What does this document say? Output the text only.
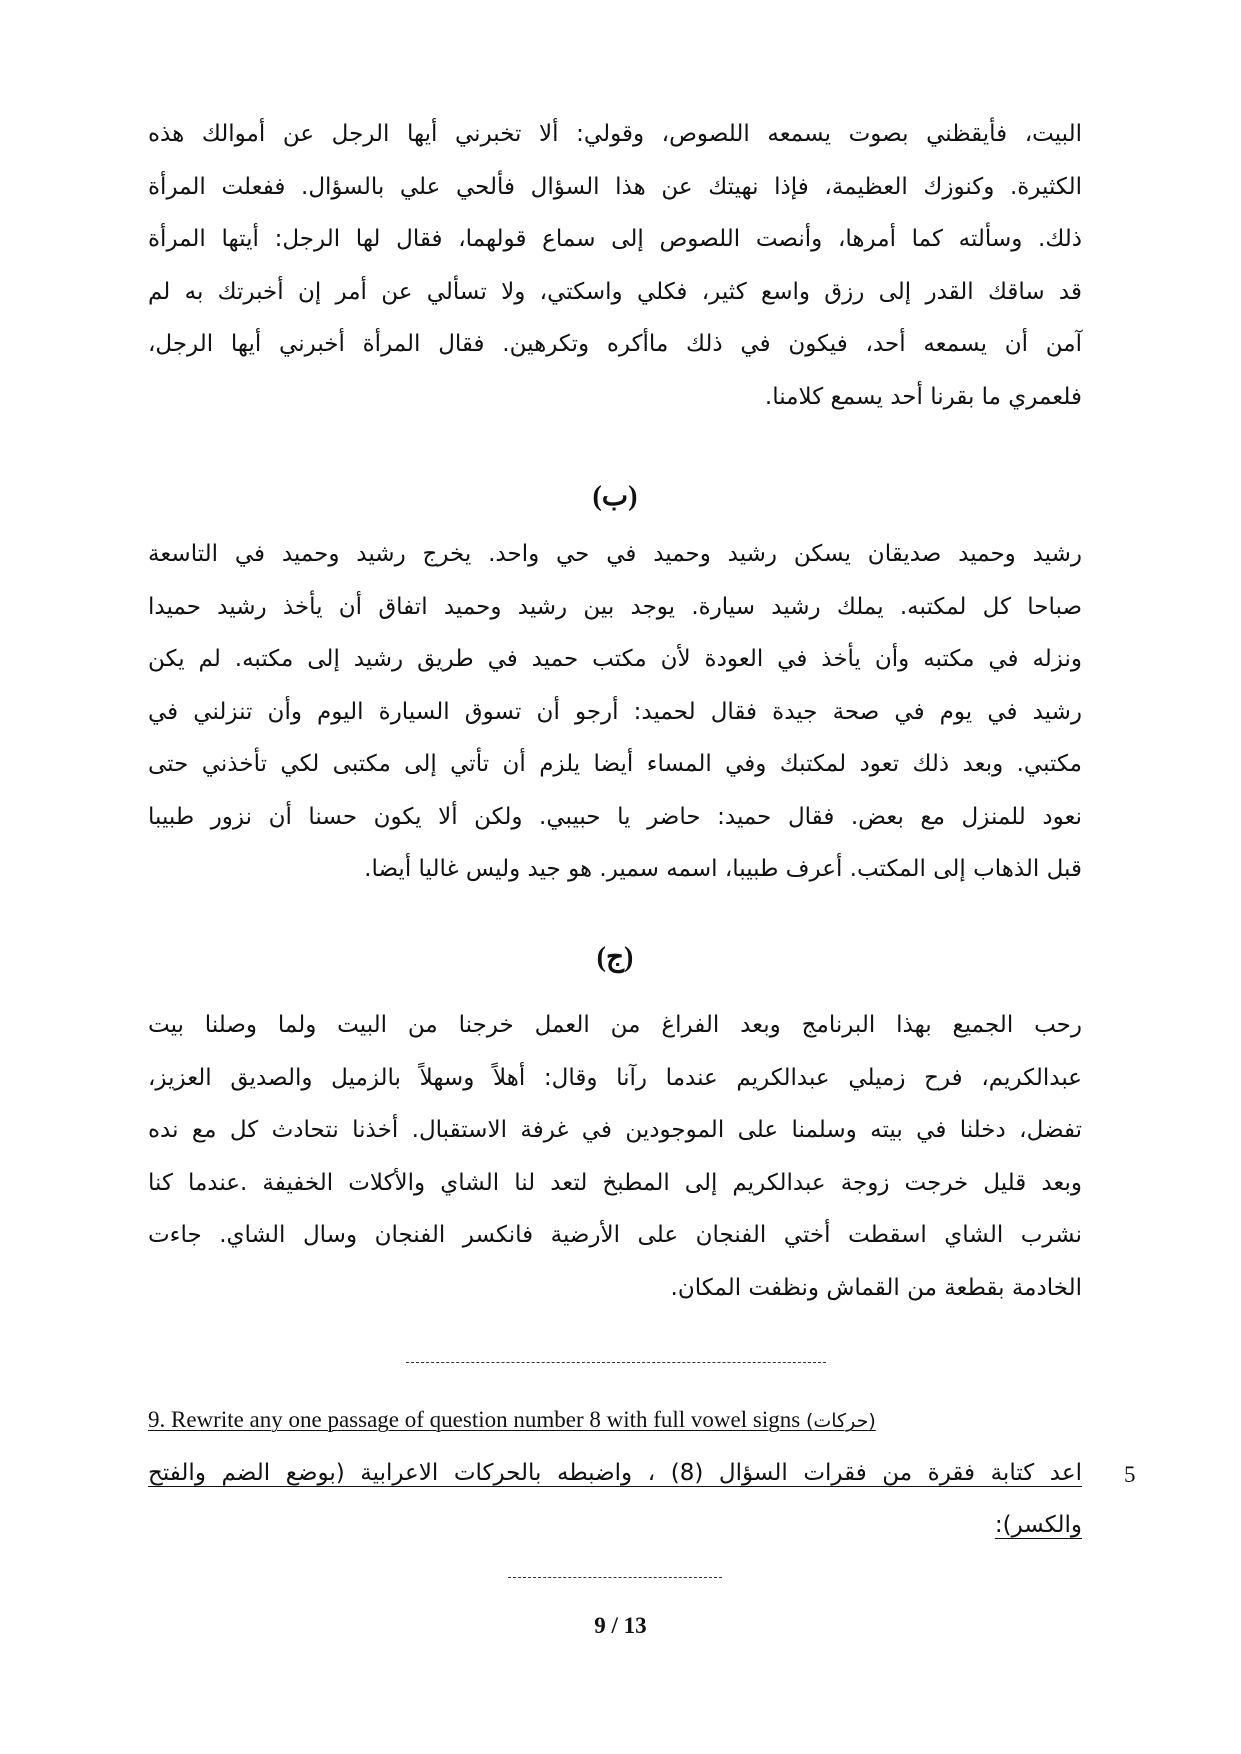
البيت، فأيقظني بصوت يسمعه اللصوص، وقولي: ألا تخبرني أيها الرجل عن أموالك هذه

الكثيرة. وكنوزك العظيمة، فإذا نهيتك عن هذا السؤال فألحي علي بالسؤال. ففعلت المرأة

ذلك. وسألته كما أمرها، وأنصت اللصوص إلى سماع قولهما، فقال لها الرجل: أيتها المرأة

قد ساقك القدر إلى رزق واسع كثير، فكلي واسكتي، ولا تسألي عن أمر إن أخبرتك به لم

آمن أن يسمعه أحد، فيكون في ذلك ماأكره وتكرهين. فقال المرأة أخبرني أيها الرجل،

فلعمري ما بقرنا أحد يسمع كلامنا.

(ب)

رشيد وحميد صديقان يسكن رشيد وحميد في حي واحد. يخرج رشيد وحميد في التاسعة

صباحا كل لمكتبه. يملك رشيد سيارة. يوجد بين رشيد وحميد اتفاق أن يأخذ رشيد حميدا

ونزله في مكتبه وأن يأخذ في العودة لأن مكتب حميد في طريق رشيد إلى مكتبه. لم يكن

رشيد في يوم في صحة جيدة فقال لحميد: أرجو أن تسوق السيارة اليوم وأن تنزلني في

مكتبي. وبعد ذلك تعود لمكتبك وفي المساء أيضا يلزم أن تأتي إلى مكتبى لكي تأخذني حتى

نعود للمنزل مع بعض. فقال حميد: حاضر يا حبيبي. ولكن ألا يكون حسنا أن نزور طبيبا

قبل الذهاب إلى المكتب. أعرف طبيبا، اسمه سمير. هو جيد وليس غاليا أيضا.

(ج)

رحب الجميع بهذا البرنامج وبعد الفراغ من العمل خرجنا من البيت ولما وصلنا بيت

عبدالكريم، فرح زميلي عبدالكريم عندما رآنا وقال: أهلاً وسهلاً بالزميل والصديق العزيز،

تفضل، دخلنا في بيته وسلمنا على الموجودين في غرفة الاستقبال. أخذنا نتحادث كل مع نده

وبعد قليل خرجت زوجة عبدالكريم إلى المطبخ لتعد لنا الشاي والأكلات الخفيفة .عندما كنا

نشرب الشاي اسقطت أختي الفنجان على الأرضية فانكسر الفنجان وسال الشاي. جاءت

الخادمة بقطعة من القماش ونظفت المكان.

9. Rewrite any one passage of question number 8 with full vowel signs (حركات)
5

اعد كتابة فقرة من فقرات السؤال (8) ، واضبطه بالحركات الاعرابية (بوضع الضم والفتح

والكسر):

9 / 13
